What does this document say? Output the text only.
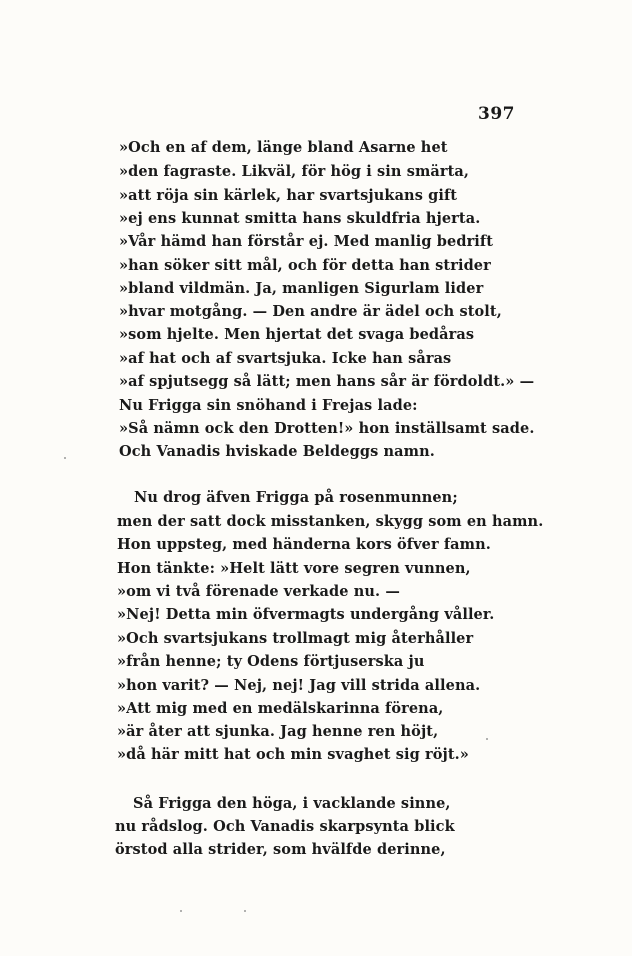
397
»Och en af dem, länge bland Asarne het
»den fagraste. Likväl, för hög i sin smärta,
»att röja sin kärlek, har svartsjukans gift
»ej ens kunnat smitta hans skuldfria hjerta.
»Vår hämd han förstår ej. Med manlig bedrift
»han söker sitt mål, och för detta han strider
»bland vildmän. Ja, manligen Sigurlam lider
»hvar motgång. — Den andre är ädel och stolt,
»som hjelte. Men hjertat det svaga bedåras
»af hat och af svartsjuka. Icke han såras
»af spjutsegg så lätt; men hans sår är fördoldt.» —
Nu Frigga sin snöhand i Frejas lade:
»Så nämn ock den Drotten!» hon inställsamt sade.
Och Vanadis hviskade Beldeggs namn.
Nu drog äfven Frigga på rosenmunnen;
men der satt dock misstanken, skygg som en hamn.
Hon uppsteg, med händerna kors öfver famn.
Hon tänkte: »Helt lätt vore segren vunnen,
»om vi två förenade verkade nu. —
»Nej! Detta min öfvermagts undergång våller.
»Och svartsjukans trollmagt mig återhåller
»från henne; ty Odens förtjuserska ju
»hon varit? — Nej, nej! Jag vill strida allena.
»Att mig med en medälskarinna förena,
»är åter att sjunka. Jag henne ren höjt,
»då här mitt hat och min svaghet sig röjt.»
Så Frigga den höga, i vacklande sinne,
nu rådslog. Och Vanadis skarpsynta blick
örstod alla strider, som hvälfde derinne,
